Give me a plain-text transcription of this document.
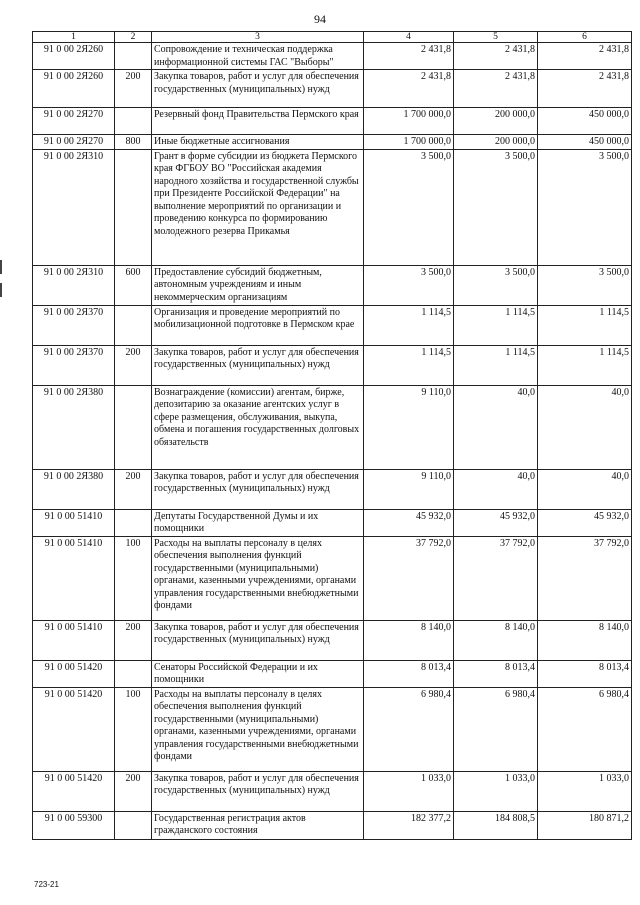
94
1	2	3	4	5	6
91 0 00 2Я260		Сопровождение и техническая поддержка информационной системы ГАС "Выборы"	2 431,8	2 431,8	2 431,8
91 0 00 2Я260	200	Закупка товаров, работ и услуг для обеспечения государственных (муниципальных) нужд	2 431,8	2 431,8	2 431,8
91 0 00 2Я270		Резервный фонд Правительства Пермского края	1 700 000,0	200 000,0	450 000,0
91 0 00 2Я270	800	Иные бюджетные ассигнования	1 700 000,0	200 000,0	450 000,0
91 0 00 2Я310		Грант в форме субсидии из бюджета Пермского края ФГБОУ ВО "Российская академия народного хозяйства и государственной службы при Президенте Российской Федерации" на выполнение мероприятий по организации и проведению конкурса по формированию молодежного резерва Прикамья	3 500,0	3 500,0	3 500,0
91 0 00 2Я310	600	Предоставление субсидий бюджетным, автономным учреждениям и иным некоммерческим организациям	3 500,0	3 500,0	3 500,0
91 0 00 2Я370		Организация и проведение мероприятий по мобилизационной подготовке в Пермском крае	1 114,5	1 114,5	1 114,5
91 0 00 2Я370	200	Закупка товаров, работ и услуг для обеспечения государственных (муниципальных) нужд	1 114,5	1 114,5	1 114,5
91 0 00 2Я380		Вознаграждение (комиссии) агентам, бирже, депозитарию за оказание агентских услуг в сфере размещения, обслуживания, выкупа, обмена и погашения государственных долговых обязательств	9 110,0	40,0	40,0
91 0 00 2Я380	200	Закупка товаров, работ и услуг для обеспечения государственных (муниципальных) нужд	9 110,0	40,0	40,0
91 0 00 51410		Депутаты Государственной Думы и их помощники	45 932,0	45 932,0	45 932,0
91 0 00 51410	100	Расходы на выплаты персоналу в целях обеспечения выполнения функций государственными (муниципальными) органами, казенными учреждениями, органами управления государственными внебюджетными фондами	37 792,0	37 792,0	37 792,0
91 0 00 51410	200	Закупка товаров, работ и услуг для обеспечения государственных (муниципальных) нужд	8 140,0	8 140,0	8 140,0
91 0 00 51420		Сенаторы Российской Федерации и их помощники	8 013,4	8 013,4	8 013,4
91 0 00 51420	100	Расходы на выплаты персоналу в целях обеспечения выполнения функций государственными (муниципальными) органами, казенными учреждениями, органами управления государственными внебюджетными фондами	6 980,4	6 980,4	6 980,4
91 0 00 51420	200	Закупка товаров, работ и услуг для обеспечения государственных (муниципальных) нужд	1 033,0	1 033,0	1 033,0
91 0 00 59300		Государственная регистрация актов гражданского состояния	182 377,2	184 808,5	180 871,2
723-21
